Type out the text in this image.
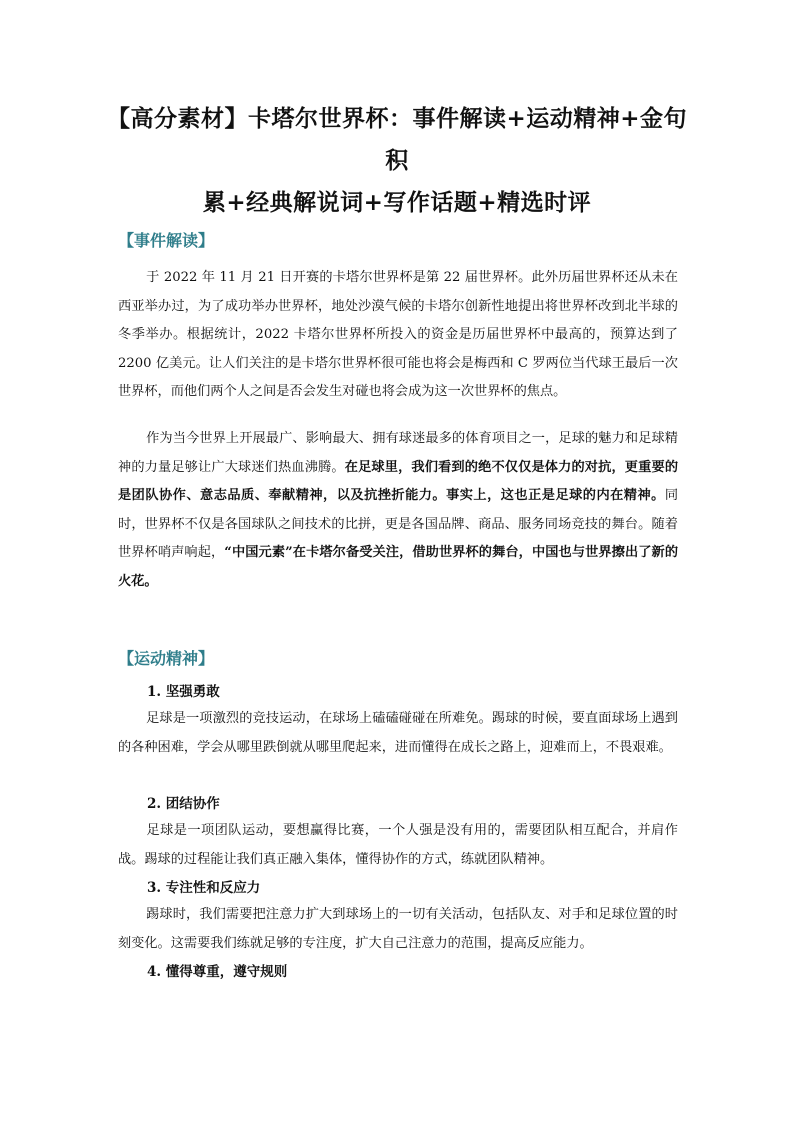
【高分素材】卡塔尔世界杯：事件解读+运动精神+金句积
累+经典解说词+写作话题+精选时评
【事件解读】
于 2022 年 11 月 21 日开赛的卡塔尔世界杯是第 22 届世界杯。此外历届世界杯还从未在西亚举办过，为了成功举办世界杯，地处沙漠气候的卡塔尔创新性地提出将世界杯改到北半球的冬季举办。根据统计，2022 卡塔尔世界杯所投入的资金是历届世界杯中最高的，预算达到了 2200 亿美元。让人们关注的是卡塔尔世界杯很可能也将会是梅西和 C 罗两位当代球王最后一次世界杯，而他们两个人之间是否会发生对碰也将会成为这一次世界杯的焦点。
作为当今世界上开展最广、影响最大、拥有球迷最多的体育项目之一，足球的魅力和足球精神的力量足够让广大球迷们热血沸腾。在足球里，我们看到的绝不仅仅是体力的对抗，更重要的是团队协作、意志品质、奉献精神，以及抗挫折能力。事实上，这也正是足球的内在精神。同时，世界杯不仅是各国球队之间技术的比拼，更是各国品牌、商品、服务同场竞技的舞台。随着世界杯哨声响起，“中国元素”在卡塔尔备受关注，借助世界杯的舞台，中国也与世界擦出了新的火花。
【运动精神】
1. 坚强勇敢
足球是一项激烈的竞技运动，在球场上磕磕碰碰在所难免。踢球的时候，要直面球场上遇到的各种困难，学会从哪里跌倒就从哪里爬起来，进而懂得在成长之路上，迎难而上，不畏艰难。
2. 团结协作
足球是一项团队运动，要想赢得比赛，一个人强是没有用的，需要团队相互配合，并肩作战。踢球的过程能让我们真正融入集体，懂得协作的方式，练就团队精神。
3. 专注性和反应力
踢球时，我们需要把注意力扩大到球场上的一切有关活动，包括队友、对手和足球位置的时刻变化。这需要我们练就足够的专注度，扩大自己注意力的范围，提高反应能力。
4. 懂得尊重，遵守规则
